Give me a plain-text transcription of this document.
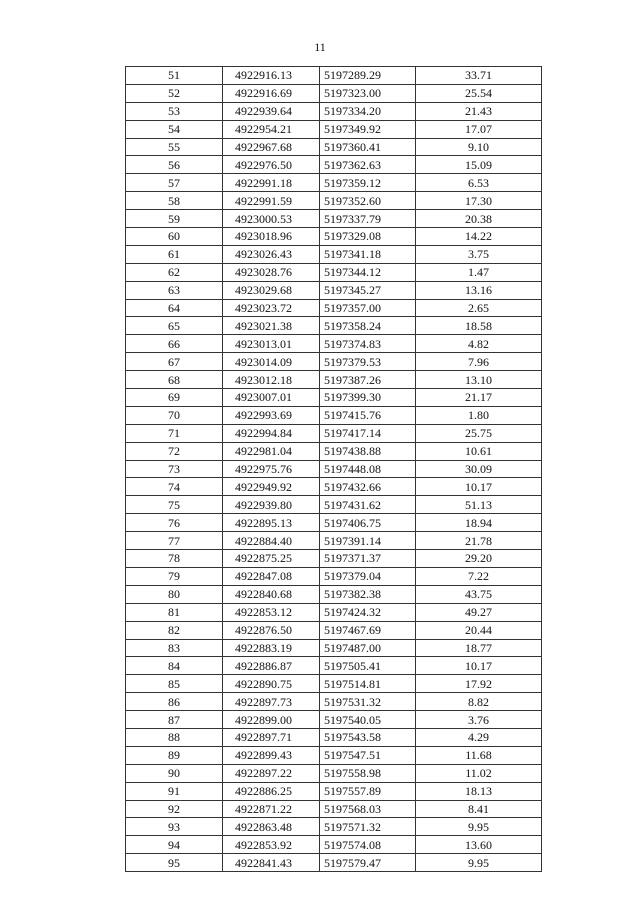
11
51	4922916.13	5197289.29	33.71
52	4922916.69	5197323.00	25.54
53	4922939.64	5197334.20	21.43
54	4922954.21	5197349.92	17.07
55	4922967.68	5197360.41	9.10
56	4922976.50	5197362.63	15.09
57	4922991.18	5197359.12	6.53
58	4922991.59	5197352.60	17.30
59	4923000.53	5197337.79	20.38
60	4923018.96	5197329.08	14.22
61	4923026.43	5197341.18	3.75
62	4923028.76	5197344.12	1.47
63	4923029.68	5197345.27	13.16
64	4923023.72	5197357.00	2.65
65	4923021.38	5197358.24	18.58
66	4923013.01	5197374.83	4.82
67	4923014.09	5197379.53	7.96
68	4923012.18	5197387.26	13.10
69	4923007.01	5197399.30	21.17
70	4922993.69	5197415.76	1.80
71	4922994.84	5197417.14	25.75
72	4922981.04	5197438.88	10.61
73	4922975.76	5197448.08	30.09
74	4922949.92	5197432.66	10.17
75	4922939.80	5197431.62	51.13
76	4922895.13	5197406.75	18.94
77	4922884.40	5197391.14	21.78
78	4922875.25	5197371.37	29.20
79	4922847.08	5197379.04	7.22
80	4922840.68	5197382.38	43.75
81	4922853.12	5197424.32	49.27
82	4922876.50	5197467.69	20.44
83	4922883.19	5197487.00	18.77
84	4922886.87	5197505.41	10.17
85	4922890.75	5197514.81	17.92
86	4922897.73	5197531.32	8.82
87	4922899.00	5197540.05	3.76
88	4922897.71	5197543.58	4.29
89	4922899.43	5197547.51	11.68
90	4922897.22	5197558.98	11.02
91	4922886.25	5197557.89	18.13
92	4922871.22	5197568.03	8.41
93	4922863.48	5197571.32	9.95
94	4922853.92	5197574.08	13.60
95	4922841.43	5197579.47	9.95
